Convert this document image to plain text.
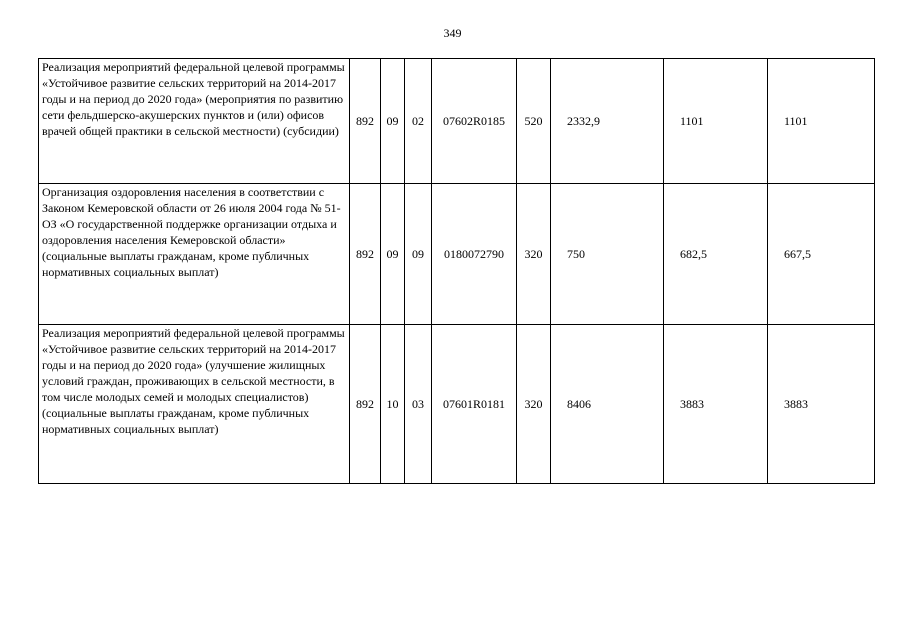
349
Реализация мероприятий федеральной целевой программы «Устойчивое развитие сельских территорий на 2014-2017 годы и на период до 2020 года» (мероприятия по развитию сети фельдшерско-акушерских пунктов и (или) офисов врачей общей практики в сельской местности) (субсидии)	892	09	02	07602R0185	520	2332,9	1101	1101
Организация оздоровления населения в соответствии с Законом Кемеровской области от 26 июля 2004 года № 51-ОЗ «О государственной поддержке организации отдыха и оздоровления населения Кемеровской области» (социальные выплаты гражданам, кроме публичных нормативных социальных выплат)	892	09	09	0180072790	320	750	682,5	667,5
Реализация мероприятий федеральной целевой программы «Устойчивое развитие сельских территорий на 2014-2017 годы и на период до 2020 года» (улучшение жилищных условий граждан, проживающих в сельской местности, в том числе молодых семей и молодых специалистов) (социальные выплаты гражданам, кроме публичных нормативных социальных выплат)	892	10	03	07601R0181	320	8406	3883	3883
